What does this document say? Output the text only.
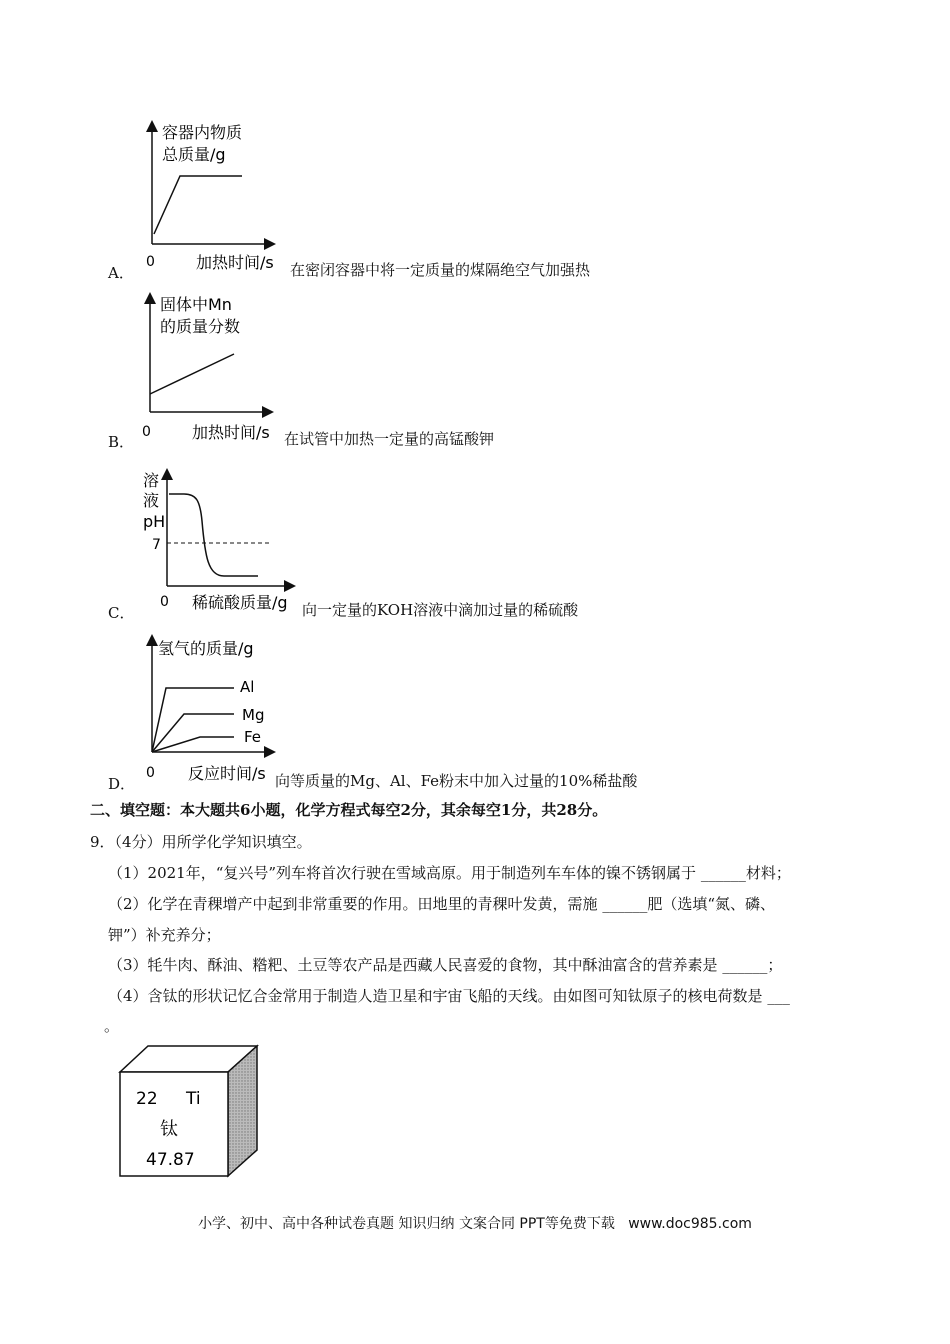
容器内物质
总质量/g
0	加热时间/s
A．	在密闭容器中将一定质量的煤隔绝空气加强热
固体中Mn
的质量分数
0	加热时间/s
B．	在试管中加热一定量的高锰酸钾
溶
液
pH
7
0 稀硫酸质量/g
C．	向一定量的KOH溶液中滴加过量的稀硫酸
Al
Mg
Fe
氢气的质量/g
0 反应时间/s
D．	向等质量的Mg、Al、Fe粉末中加入过量的10%稀盐酸
二、填空题：本大题共6小题，化学方程式每空2分，其余每空1分，共28分。
9．（4分）用所学化学知识填空。
（1）2021年，“复兴号”列车将首次行驶在雪域高原。用于制造列车车体的镍不锈钢属于 ______材料；
（2）化学在青稞增产中起到非常重要的作用。田地里的青稞叶发黄，需施 ______肥（选填“氮、磷、
钾”）补充养分；
（3）牦牛肉、酥油、糌粑、土豆等农产品是西藏人民喜爱的食物，其中酥油富含的营养素是 ______；
（4）含钛的形状记忆合金常用于制造人造卫星和宇宙飞船的天线。由如图可知钛原子的核电荷数是 ___
。
22 Ti
钛
47.87
小学、初中、高中各种试卷真题 知识归纳 文案合同 PPT等免费下载   www.doc985.com
